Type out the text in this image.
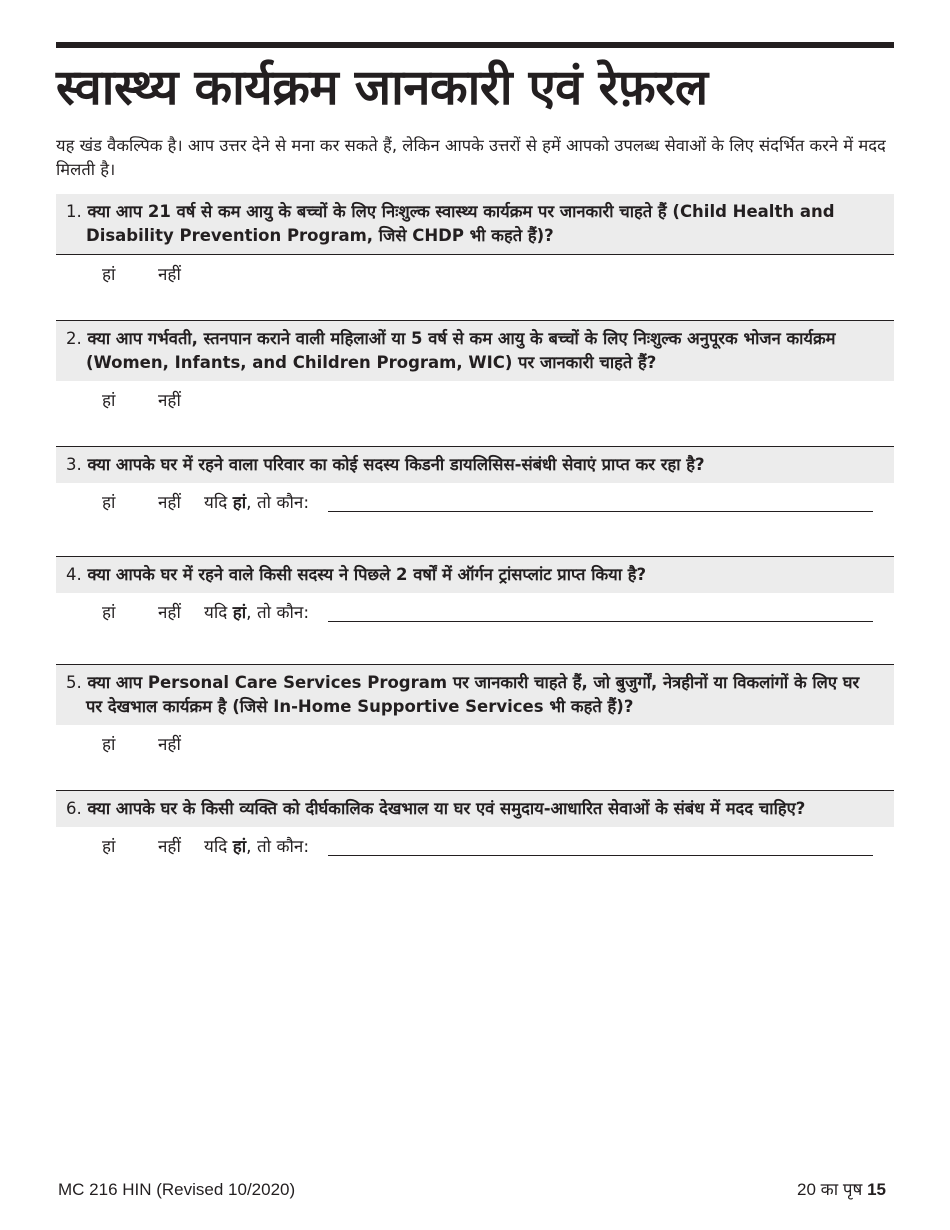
स्वास्थ्य कार्यक्रम जानकारी एवं रेफ़रल

यह खंड वैकल्पिक है। आप उत्तर देने से मना कर सकते हैं, लेकिन आपके उत्तरों से हमें आपको उपलब्ध सेवाओं के लिए संदर्भित करने में मदद मिलती है।

1. क्या आप 21 वर्ष से कम आयु के बच्चों के लिए निःशुल्क स्वास्थ्य कार्यक्रम पर जानकारी चाहते हैं (Child Health and Disability Prevention Program, जिसे CHDP भी कहते हैं)?
हां	नहीं
2. क्या आप गर्भवती, स्तनपान कराने वाली महिलाओं या 5 वर्ष से कम आयु के बच्चों के लिए निःशुल्क अनुपूरक भोजन कार्यक्रम (Women, Infants, and Children Program, WIC) पर जानकारी चाहते हैं?
हां	नहीं
3. क्या आपके घर में रहने वाला परिवार का कोई सदस्य किडनी डायलिसिस-संबंधी सेवाएं प्राप्त कर रहा है?
हां	नहीं यदि हां, तो कौन:
4. क्या आपके घर में रहने वाले किसी सदस्य ने पिछले 2 वर्षों में ऑर्गन ट्रांसप्लांट प्राप्त किया है?
हां	नहीं यदि हां, तो कौन:
5. क्या आप Personal Care Services Program पर जानकारी चाहते हैं, जो बुजुर्गों, नेत्रहीनों या विकलांगों के लिए घर पर देखभाल कार्यक्रम है (जिसे In-Home Supportive Services भी कहते हैं)?
हां	नहीं
6. क्या आपके घर के किसी व्यक्ति को दीर्घकालिक देखभाल या घर एवं समुदाय-आधारित सेवाओं के संबंध में मदद चाहिए?
हां	नहीं यदि हां, तो कौन:
MC 216 HIN (Revised 10/2020)	20 का पृष 15
